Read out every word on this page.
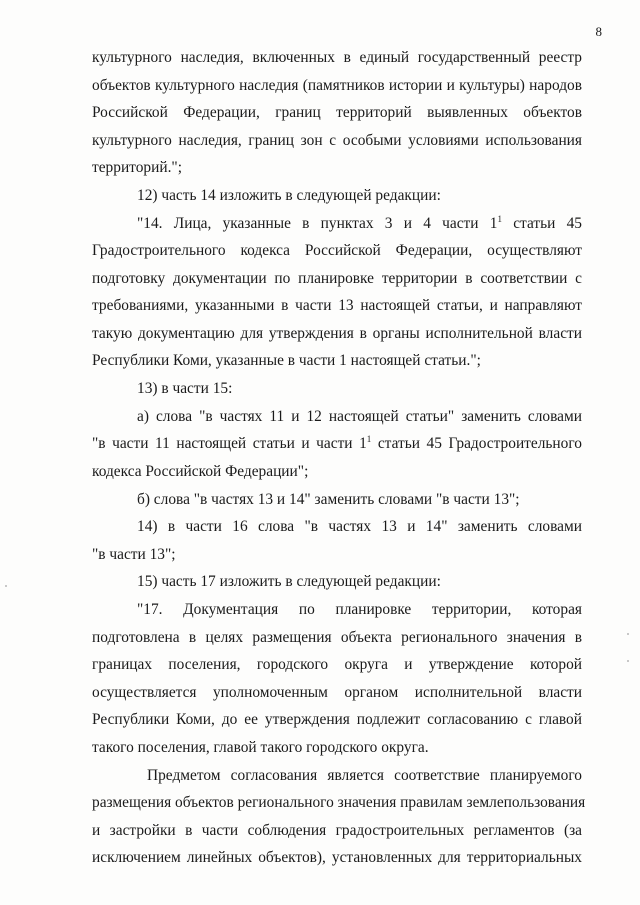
8
культурного наследия, включенных в единый государственный реестр
объектов культурного наследия (памятников истории и культуры) народов
Российской Федерации, границ территорий выявленных объектов
культурного наследия, границ зон с особыми условиями использования
территорий.";
12) часть 14 изложить в следующей редакции:
"14. Лица, указанные в пунктах 3 и 4 части $1^1$ статьи 45
Градостроительного кодекса Российской Федерации, осуществляют
подготовку документации по планировке территории в соответствии с
требованиями, указанными в части 13 настоящей статьи, и направляют
такую документацию для утверждения в органы исполнительной власти
Республики Коми, указанные в части 1 настоящей статьи.";
13) в части 15:
а) слова "в частях 11 и 12 настоящей статьи" заменить словами
"в части 11 настоящей статьи и части $1^1$ статьи 45 Градостроительного
кодекса Российской Федерации";
б) слова "в частях 13 и 14" заменить словами "в части 13";
14) в части 16 слова "в частях 13 и 14" заменить словами
"в части 13";
15) часть 17 изложить в следующей редакции:
"17. Документация по планировке территории, которая
подготовлена в целях размещения объекта регионального значения в
границах поселения, городского округа и утверждение которой
осуществляется уполномоченным органом исполнительной власти
Республики Коми, до ее утверждения подлежит согласованию с главой
такого поселения, главой такого городского округа.
Предметом согласования является соответствие планируемого
размещения объектов регионального значения правилам землепользования
и застройки в части соблюдения градостроительных регламентов (за
исключением линейных объектов), установленных для территориальных
